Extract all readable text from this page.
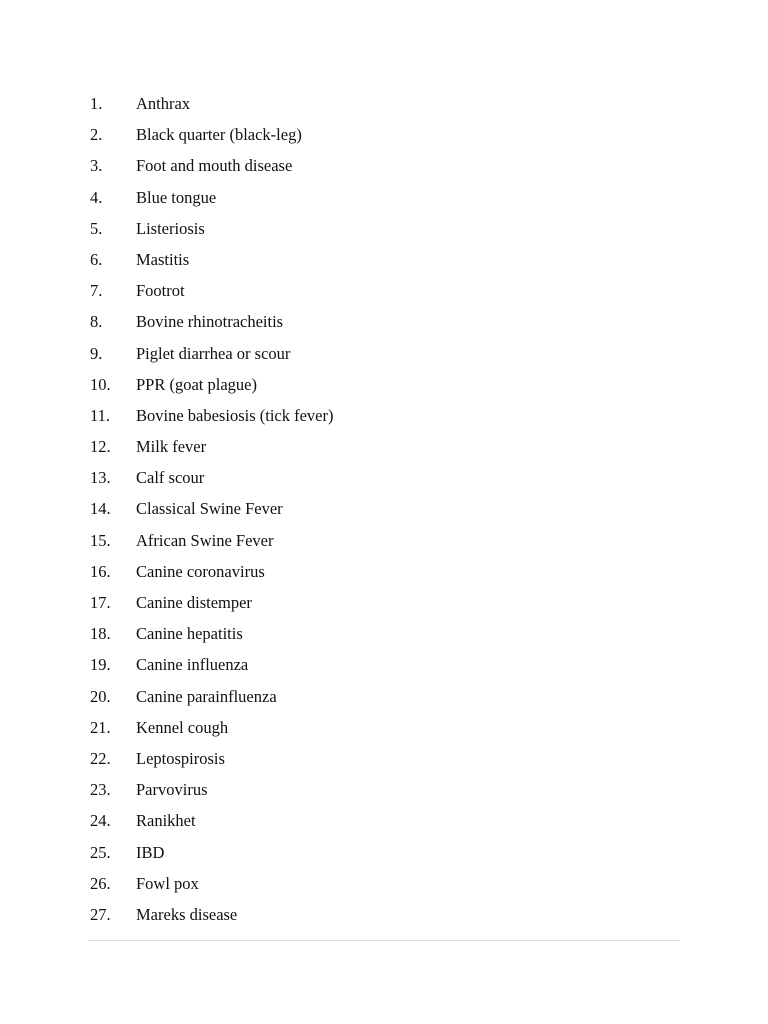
1. Anthrax
2. Black quarter (black-leg)
3. Foot and mouth disease
4. Blue tongue
5. Listeriosis
6. Mastitis
7. Footrot
8. Bovine rhinotracheitis
9. Piglet diarrhea or scour
10. PPR (goat plague)
11. Bovine babesiosis (tick fever)
12. Milk fever
13. Calf scour
14. Classical Swine Fever
15. African Swine Fever
16. Canine coronavirus
17. Canine distemper
18. Canine hepatitis
19. Canine influenza
20. Canine parainfluenza
21. Kennel cough
22. Leptospirosis
23. Parvovirus
24. Ranikhet
25. IBD
26. Fowl pox
27. Mareks disease
